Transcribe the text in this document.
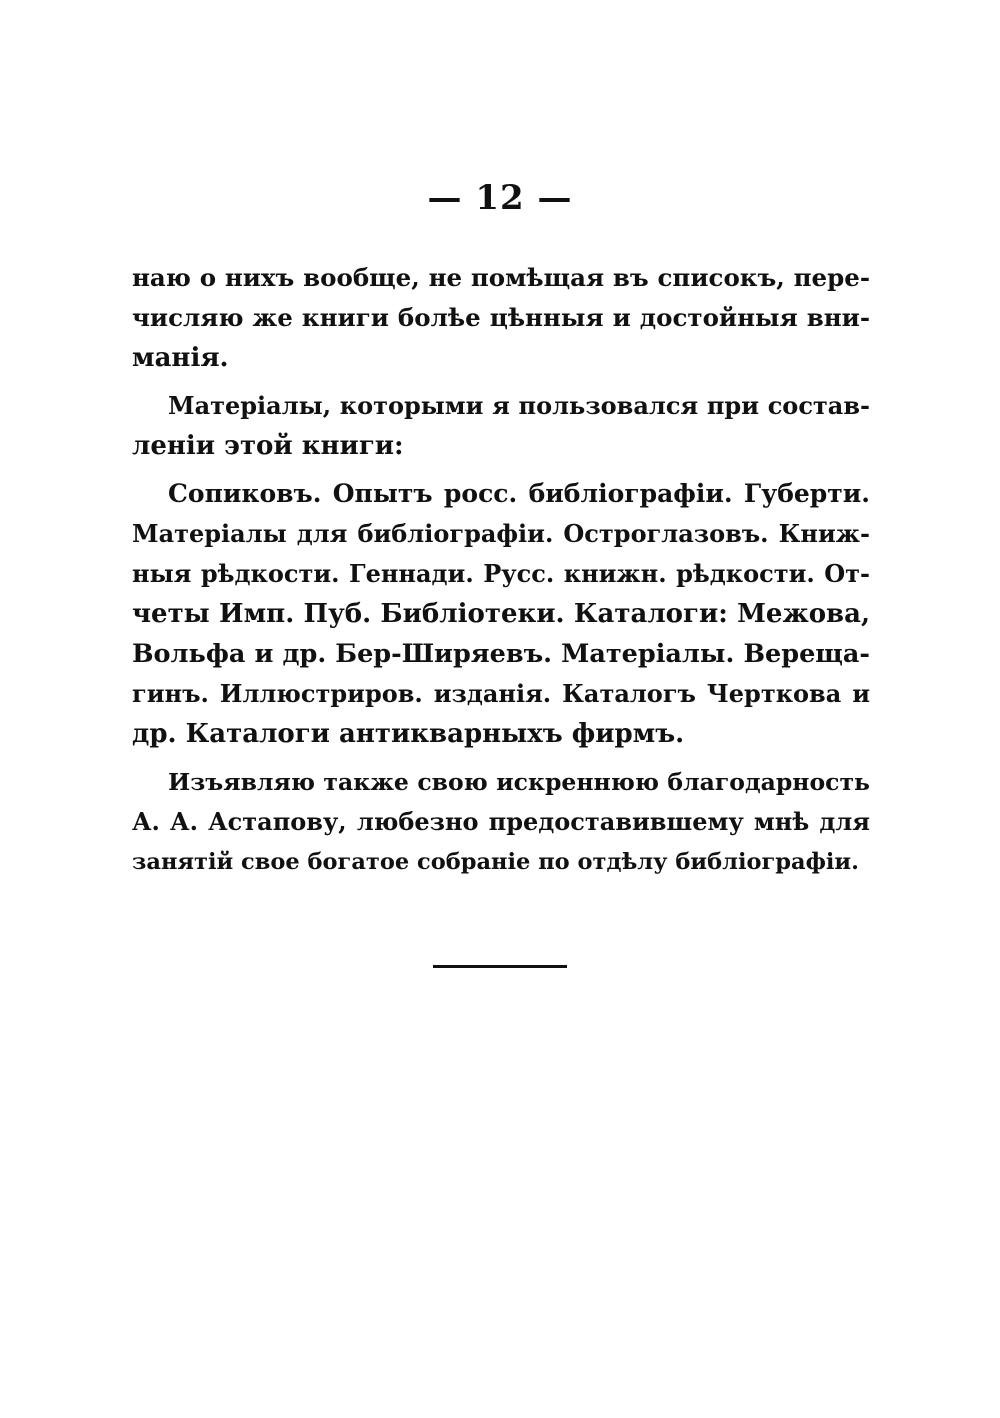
— 12 —
наю о нихъ вообще, не помѣщая въ списокъ, пере-
числяю же книги болѣе цѣнныя и достойныя вни-
манія.
Матеріалы, которыми я пользовался при состав-
леніи этой книги:
Сопиковъ. Опытъ росс. библіографіи. Губерти.
Матеріалы для библіографіи. Остроглазовъ. Книж-
ныя рѣдкости. Геннади. Русс. книжн. рѣдкости. От-
четы Имп. Пуб. Библіотеки. Каталоги: Межова,
Вольфа и др. Бер-Ширяевъ. Матеріалы. Верещa-
гинъ. Иллюстриров. изданія. Каталогъ Черткова и
др. Каталоги антикварныхъ фирмъ.
Изъявляю также свою искреннюю благодарность
А. А. Астапову, любезно предоставившему мнѣ для
занятій свое богатое собраніе по отдѣлу библіографіи.
